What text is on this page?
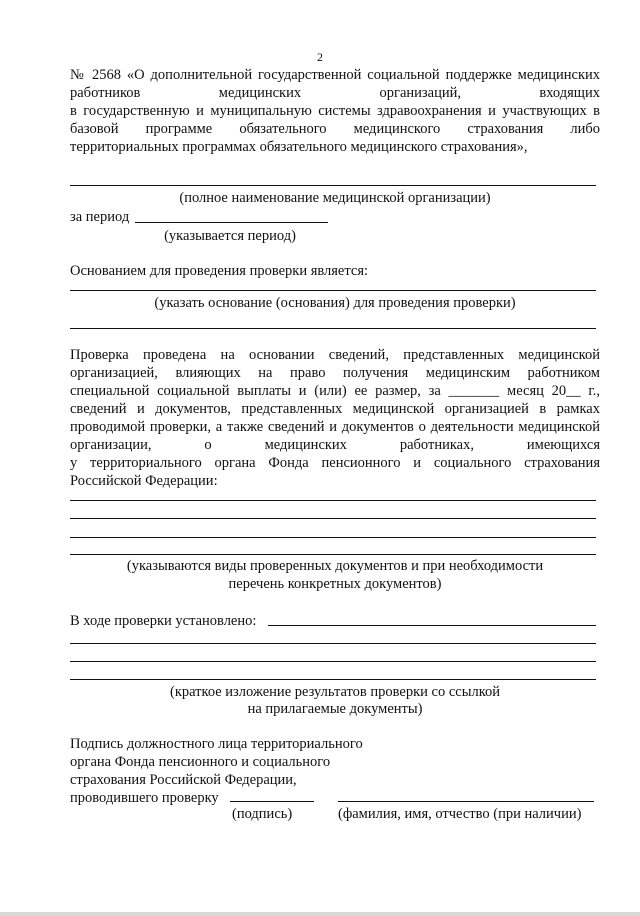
2
№ 2568 «О дополнительной государственной социальной поддержке медицинских
работников	медицинских	организаций,	входящих
в государственную и муниципальную системы здравоохранения и участвующих в
базовой программе обязательного медицинского страхования либо
территориальных программах обязательного медицинского страхования»,
(полное наименование медицинской организации)
за период
(указывается период)
Основанием для проведения проверки является:
(указать основание (основания) для проведения проверки)
Проверка проведена на основании сведений, представленных медицинской
организацией, влияющих на право получения медицинским работником
специальной социальной выплаты и (или) ее размер, за _______ месяц 20__ г.,
сведений и документов, представленных медицинской организацией в рамках
проводимой проверки, а также сведений и документов о деятельности медицинской
организации, о медицинских работниках, имеющихся
у территориального органа Фонда пенсионного и социального страхования
Российской Федерации:
(указываются виды проверенных документов и при необходимости
перечень конкретных документов)
В ходе проверки установлено:
(краткое изложение результатов проверки со ссылкой
на прилагаемые документы)
Подпись должностного лица территориального
органа Фонда пенсионного и социального
страхования Российской Федерации,
проводившего проверку
(подпись)	(фамилия, имя, отчество (при наличии)
